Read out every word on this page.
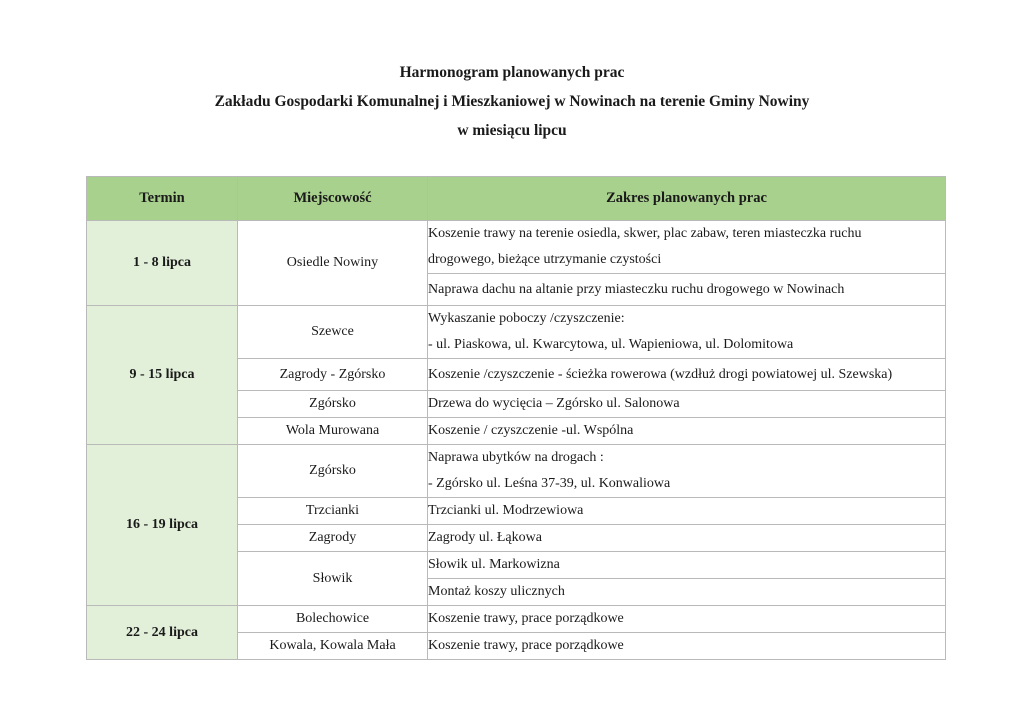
Harmonogram planowanych prac
Zakładu Gospodarki Komunalnej i Mieszkaniowej w Nowinach na terenie Gminy Nowiny
w miesiącu lipcu
Termin	Miejscowość	Zakres planowanych prac
1 - 8 lipca	Osiedle Nowiny	Koszenie trawy na terenie osiedla, skwer, plac zabaw, teren miasteczka ruchu
drogowego, bieżące utrzymanie czystości

		Naprawa dachu na altanie przy miasteczku ruchu drogowego w Nowinach

9 - 15 lipca	Szewce	Wykaszanie poboczy /czyszczenie:
- ul. Piaskowa, ul. Kwarcytowa, ul. Wapieniowa, ul. Dolomitowa

	Zagrody - Zgórsko	Koszenie /czyszczenie - ścieżka rowerowa (wzdłuż drogi powiatowej ul. Szewska)

	Zgórsko	Drzewa do wycięcia – Zgórsko ul. Salonowa

	Wola Murowana	Koszenie / czyszczenie -ul. Wspólna

16 - 19 lipca	Zgórsko	Naprawa ubytków na drogach :
- Zgórsko ul. Leśna 37-39, ul. Konwaliowa

	Trzcianki	Trzcianki ul. Modrzewiowa

	Zagrody	Zagrody ul. Łąkowa

	Słowik	Słowik ul. Markowizna

		Montaż koszy ulicznych

22 - 24 lipca	Bolechowice	Koszenie trawy, prace porządkowe

	Kowala, Kowala Mała	Koszenie trawy, prace porządkowe
